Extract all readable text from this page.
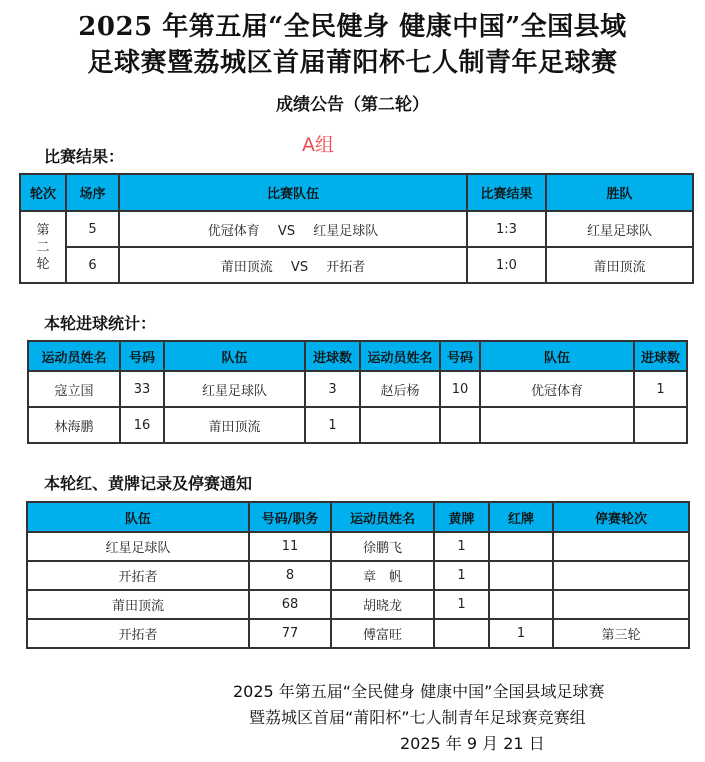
2025 年第五届“全民健身 健康中国”全国县域
足球赛暨荔城区首届莆阳杯七人制青年足球赛
成绩公告（第二轮）
比赛结果：
A组
轮次	场序	比赛队伍	比赛结果	胜队

第二轮	5	优冠体育 VS 红星足球队	1:3	红星足球队
	6	莆田顶流 VS 开拓者	1:0	莆田顶流
本轮进球统计：
运动员姓名	号码	队伍	进球数	运动员姓名	号码	队伍	进球数
寇立国	33	红星足球队	3	赵后杨	10	优冠体育	1
林海鹏	16	莆田顶流	1				
本轮红、黄牌记录及停赛通知
队伍	号码/职务	运动员姓名	黄牌	红牌	停赛轮次
红星足球队	11	徐鹏飞	1		
开拓者	8	章　帆	1		
莆田顶流	68	胡晓龙	1		
开拓者	77	傅富旺		1	第三轮
2025 年第五届“全民健身 健康中国”全国县域足球赛
暨荔城区首届“莆阳杯”七人制青年足球赛竞赛组
2025 年 9 月 21 日
